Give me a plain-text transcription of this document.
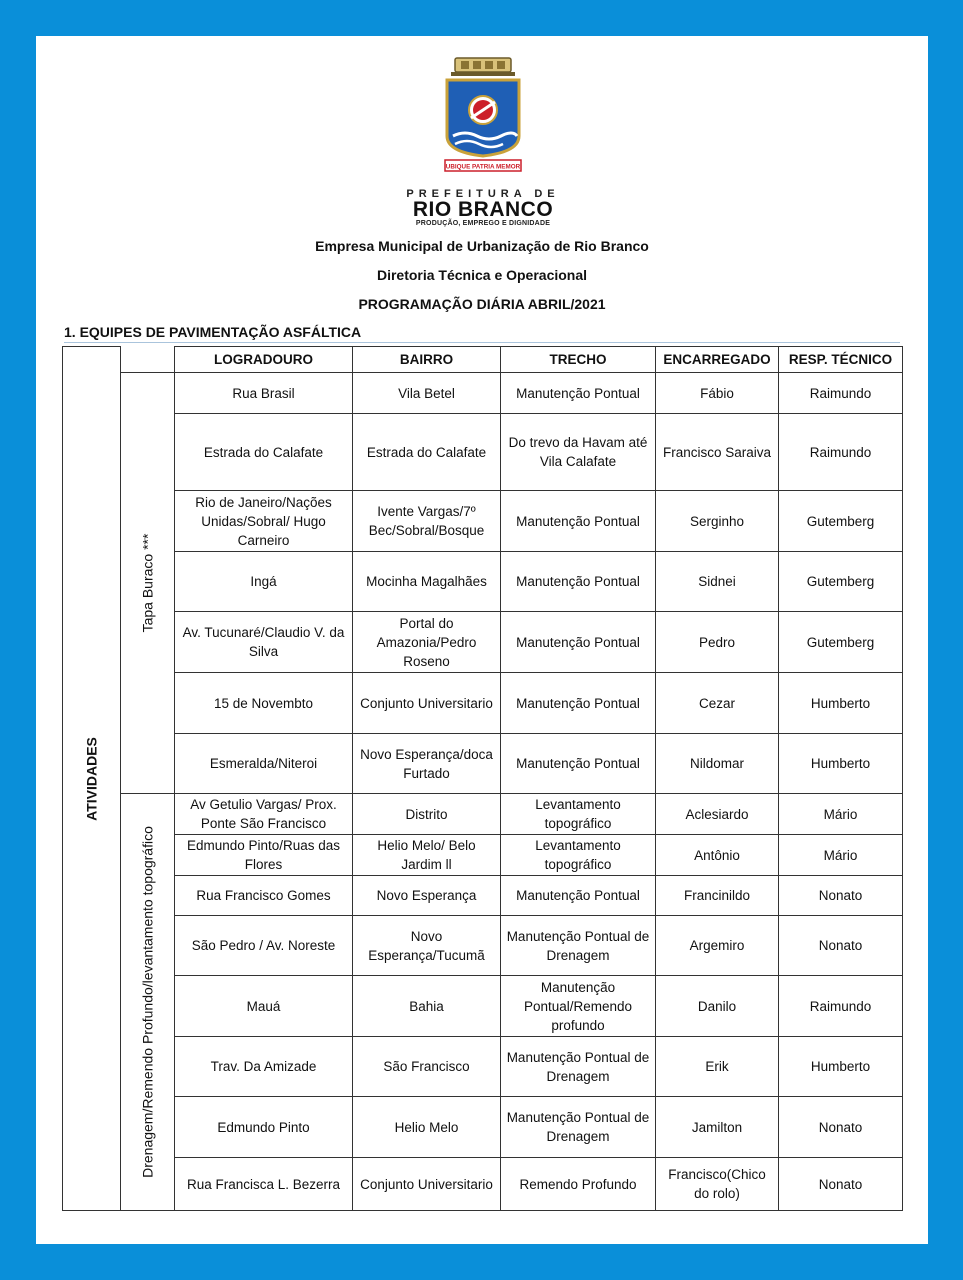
UBIQUE PATRIA MEMOR
PREFEITURA DE
RIO BRANCO
PRODUÇÃO, EMPREGO E DIGNIDADE
Empresa Municipal de Urbanização de Rio Branco
Diretoria Técnica e Operacional
PROGRAMAÇÃO DIÁRIA ABRIL/2021
1. EQUIPES DE PAVIMENTAÇÃO ASFÁLTICA
ATIVIDADES		LOGRADOURO	BAIRRO	TRECHO	ENCARREGADO	RESP. TÉCNICO

	Tapa Buraco ***	Rua Brasil	Vila Betel	Manutenção Pontual	Fábio	Raimundo
		Estrada do Calafate	Estrada do Calafate	Do trevo da Havam até Vila Calafate	Francisco Saraiva	Raimundo
		Rio de Janeiro/Nações Unidas/Sobral/ Hugo Carneiro	Ivente Vargas/7º Bec/Sobral/Bosque	Manutenção Pontual	Serginho	Gutemberg
		Ingá	Mocinha Magalhães	Manutenção Pontual	Sidnei	Gutemberg
		Av. Tucunaré/Claudio V. da Silva	Portal do Amazonia/Pedro Roseno	Manutenção Pontual	Pedro	Gutemberg
		15 de Novembto	Conjunto Universitario	Manutenção Pontual	Cezar	Humberto
		Esmeralda/Niteroi	Novo Esperança/doca Furtado	Manutenção Pontual	Nildomar	Humberto

	Drenagem/Remendo Profundo/levantamento topográfico	Av Getulio Vargas/ Prox. Ponte São Francisco	Distrito	Levantamento topográfico	Aclesiardo	Mário
		Edmundo Pinto/Ruas das Flores	Helio Melo/ Belo Jardim ll	Levantamento topográfico	Antônio	Mário
		Rua Francisco Gomes	Novo Esperança	Manutenção Pontual	Francinildo	Nonato
		São Pedro / Av. Noreste	Novo Esperança/Tucumã	Manutenção Pontual de Drenagem	Argemiro	Nonato
		Mauá	Bahia	Manutenção Pontual/Remendo profundo	Danilo	Raimundo
		Trav. Da Amizade	São Francisco	Manutenção Pontual de Drenagem	Erik	Humberto
		Edmundo Pinto	Helio Melo	Manutenção Pontual de Drenagem	Jamilton	Nonato
		Rua Francisca L. Bezerra	Conjunto Universitario	Remendo Profundo	Francisco(Chico do rolo)	Nonato
